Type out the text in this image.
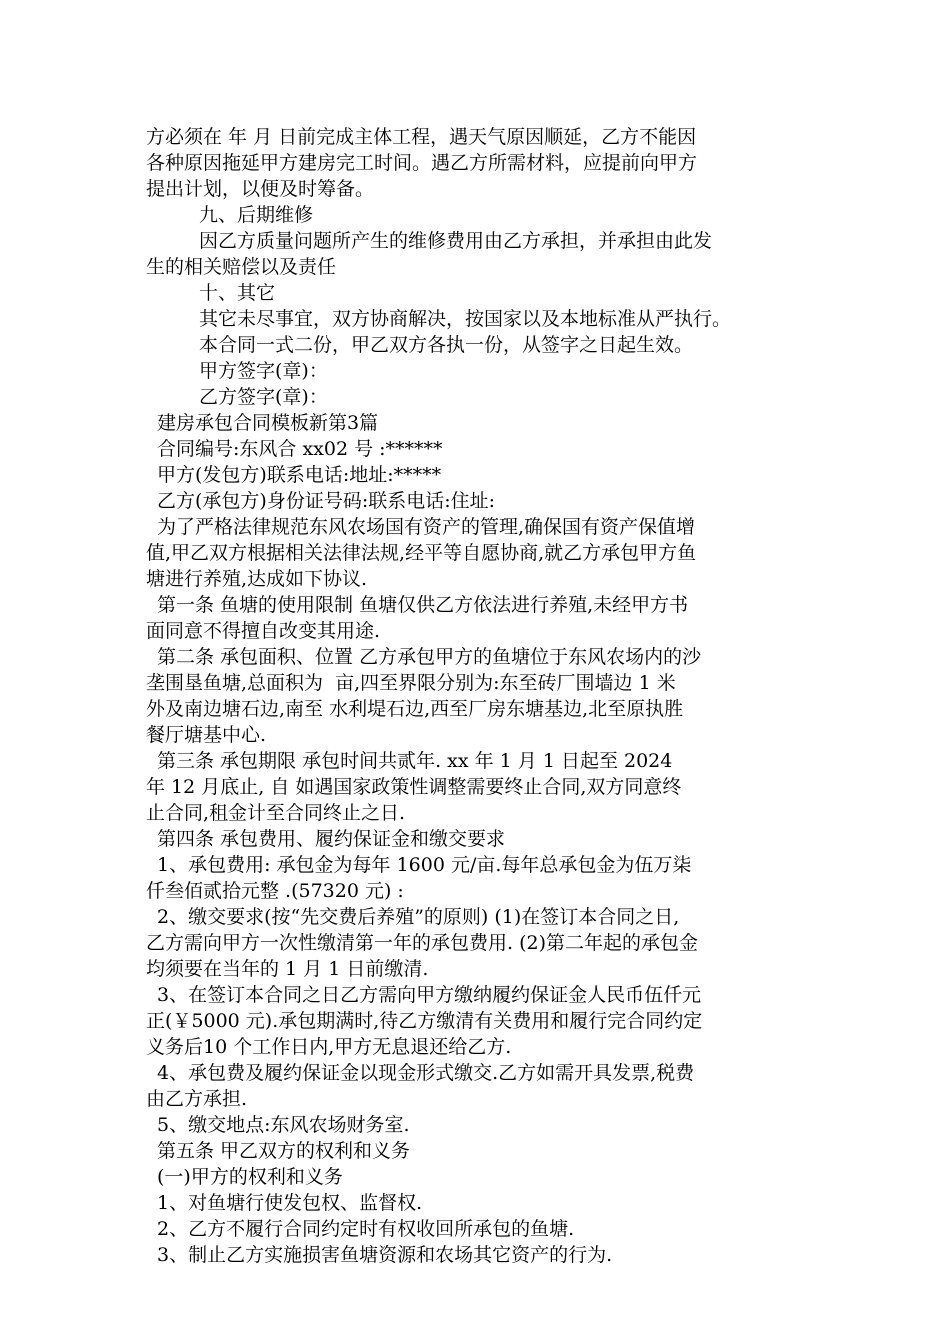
方必须在 年 月 日前完成主体工程，遇天气原因顺延，乙方不能因
各种原因拖延甲方建房完工时间。遇乙方所需材料，应提前向甲方
提出计划，以便及时筹备。
九、后期维修
因乙方质量问题所产生的维修费用由乙方承担，并承担由此发
生的相关赔偿以及责任
十、其它
其它未尽事宜，双方协商解决，按国家以及本地标准从严执行。
本合同一式二份，甲乙双方各执一份，从签字之日起生效。
甲方签字(章)：
乙方签字(章)：
建房承包合同模板新第3篇
合同编号:东风合 xx02 号 :******
甲方(发包方)联系电话:地址:*****
乙方(承包方)身份证号码:联系电话:住址:
为了严格法律规范东风农场国有资产的管理,确保国有资产保值增
值,甲乙双方根据相关法律法规,经平等自愿协商,就乙方承包甲方鱼
塘进行养殖,达成如下协议.
第一条 鱼塘的使用限制 鱼塘仅供乙方依法进行养殖,未经甲方书
面同意不得擅自改变其用途.
第二条 承包面积、位置 乙方承包甲方的鱼塘位于东风农场内的沙
垄围垦鱼塘,总面积为  亩,四至界限分别为:东至砖厂围墙边 1 米
外及南边塘石边,南至 水利堤石边,西至厂房东塘基边,北至原执胜
餐厅塘基中心.
第三条 承包期限 承包时间共贰年. xx 年 1 月 1 日起至 2024
年 12 月底止, 自 如遇国家政策性调整需要终止合同,双方同意终
止合同,租金计至合同终止之日.
第四条 承包费用、履约保证金和缴交要求
1、承包费用: 承包金为每年 1600 元/亩.每年总承包金为伍万柒
仟叁佰贰拾元整 .(57320 元) :
2、缴交要求(按“先交费后养殖”的原则) (1)在签订本合同之日,
乙方需向甲方一次性缴清第一年的承包费用. (2)第二年起的承包金
均须要在当年的 1 月 1 日前缴清.
3、在签订本合同之日乙方需向甲方缴纳履约保证金人民币伍仟元
正(￥5000 元).承包期满时,待乙方缴清有关费用和履行完合同约定
义务后10 个工作日内,甲方无息退还给乙方.
4、承包费及履约保证金以现金形式缴交.乙方如需开具发票,税费
由乙方承担.
5、缴交地点:东风农场财务室.
第五条 甲乙双方的权利和义务
(一)甲方的权利和义务
1、对鱼塘行使发包权、监督权.
2、乙方不履行合同约定时有权收回所承包的鱼塘.
3、制止乙方实施损害鱼塘资源和农场其它资产的行为.
